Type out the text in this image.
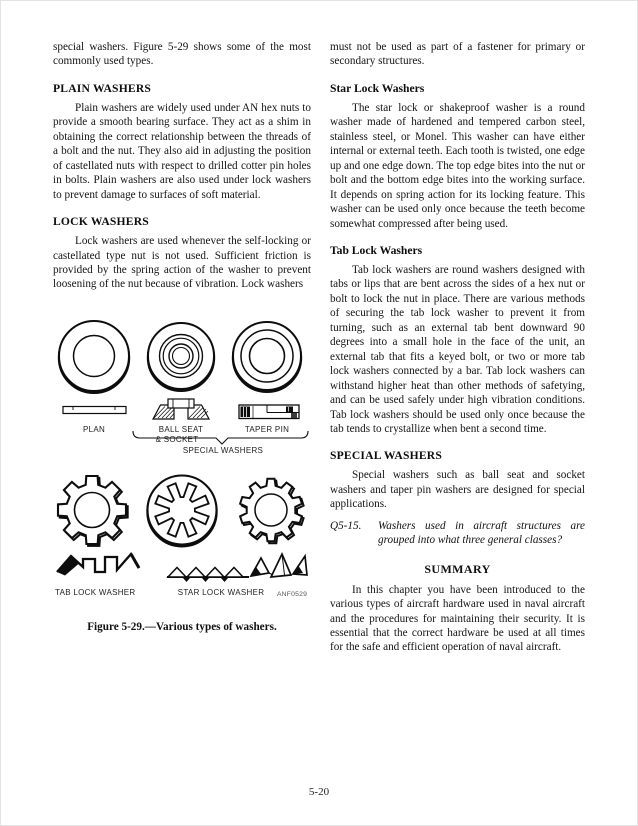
special washers. Figure 5-29 shows some of the most commonly used types.

PLAIN WASHERS

Plain washers are widely used under AN hex nuts to provide a smooth bearing surface. They act as a shim in obtaining the correct relationship between the threads of a bolt and the nut. They also aid in adjusting the position of castellated nuts with respect to drilled cotter pin holes in bolts. Plain washers are also used under lock washers to prevent damage to surfaces of soft material.

LOCK WASHERS

Lock washers are used whenever the self-locking or castellated type nut is not used. Sufficient friction is provided by the spring action of the washer to prevent loosening of the nut because of vibration. Lock washers

PLAN	BALL SEAT
& SOCKET
TAPER PIN
SPECIAL WASHERS
TAB LOCK WASHER	STAR LOCK WASHER ANF0529
Figure 5-29.—Various types of washers.

must not be used as part of a fastener for primary or secondary structures.

Star Lock Washers

The star lock or shakeproof washer is a round washer made of hardened and tempered carbon steel, stainless steel, or Monel. This washer can have either internal or external teeth. Each tooth is twisted, one edge up and one edge down. The top edge bites into the nut or bolt and the bottom edge bites into the working surface. It depends on spring action for its locking feature. This washer can be used only once because the teeth become somewhat compressed after being used.

Tab Lock Washers

Tab lock washers are round washers designed with tabs or lips that are bent across the sides of a hex nut or bolt to lock the nut in place. There are various methods of securing the tab lock washer to prevent it from turning, such as an external tab bent downward 90 degrees into a small hole in the face of the unit, an external tab that fits a keyed bolt, or two or more tab lock washers connected by a bar. Tab lock washers can withstand higher heat than other methods of safetying, and can be used safely under high vibration conditions. Tab lock washers should be used only once because the tab tends to crystallize when bent a second time.

SPECIAL WASHERS

Special washers such as ball seat and socket washers and taper pin washers are designed for special applications.

Q5-15.	Washers used in aircraft structures are grouped into what three general classes?
SUMMARY

In this chapter you have been introduced to the various types of aircraft hardware used in naval aircraft and the procedures for maintaining their security. It is essential that the correct hardware be used at all times for the safe and efficient operation of naval aircraft.

5-20
